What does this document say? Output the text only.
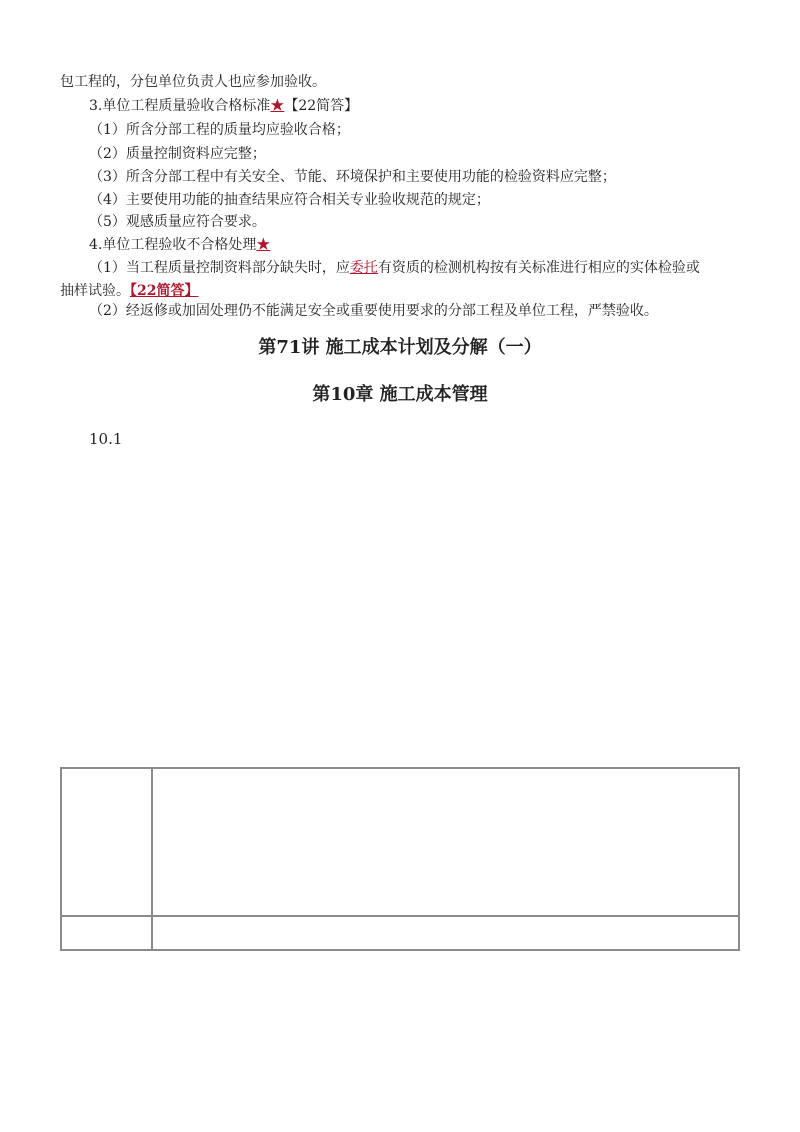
包工程的，分包单位负责人也应参加验收。
3.单位工程质量验收合格标准★【22简答】
（1）所含分部工程的质量均应验收合格；
（2）质量控制资料应完整；
（3）所含分部工程中有关安全、节能、环境保护和主要使用功能的检验资料应完整；
（4）主要使用功能的抽查结果应符合相关专业验收规范的规定；
（5）观感质量应符合要求。
4.单位工程验收不合格处理★
（1）当工程质量控制资料部分缺失时，应委托有资质的检测机构按有关标准进行相应的实体检验或
抽样试验。【22简答】
（2）经返修或加固处理仍不能满足安全或重要使用要求的分部工程及单位工程，严禁验收。
第71讲 施工成本计划及分解（一）
第10章 施工成本管理
10.1
